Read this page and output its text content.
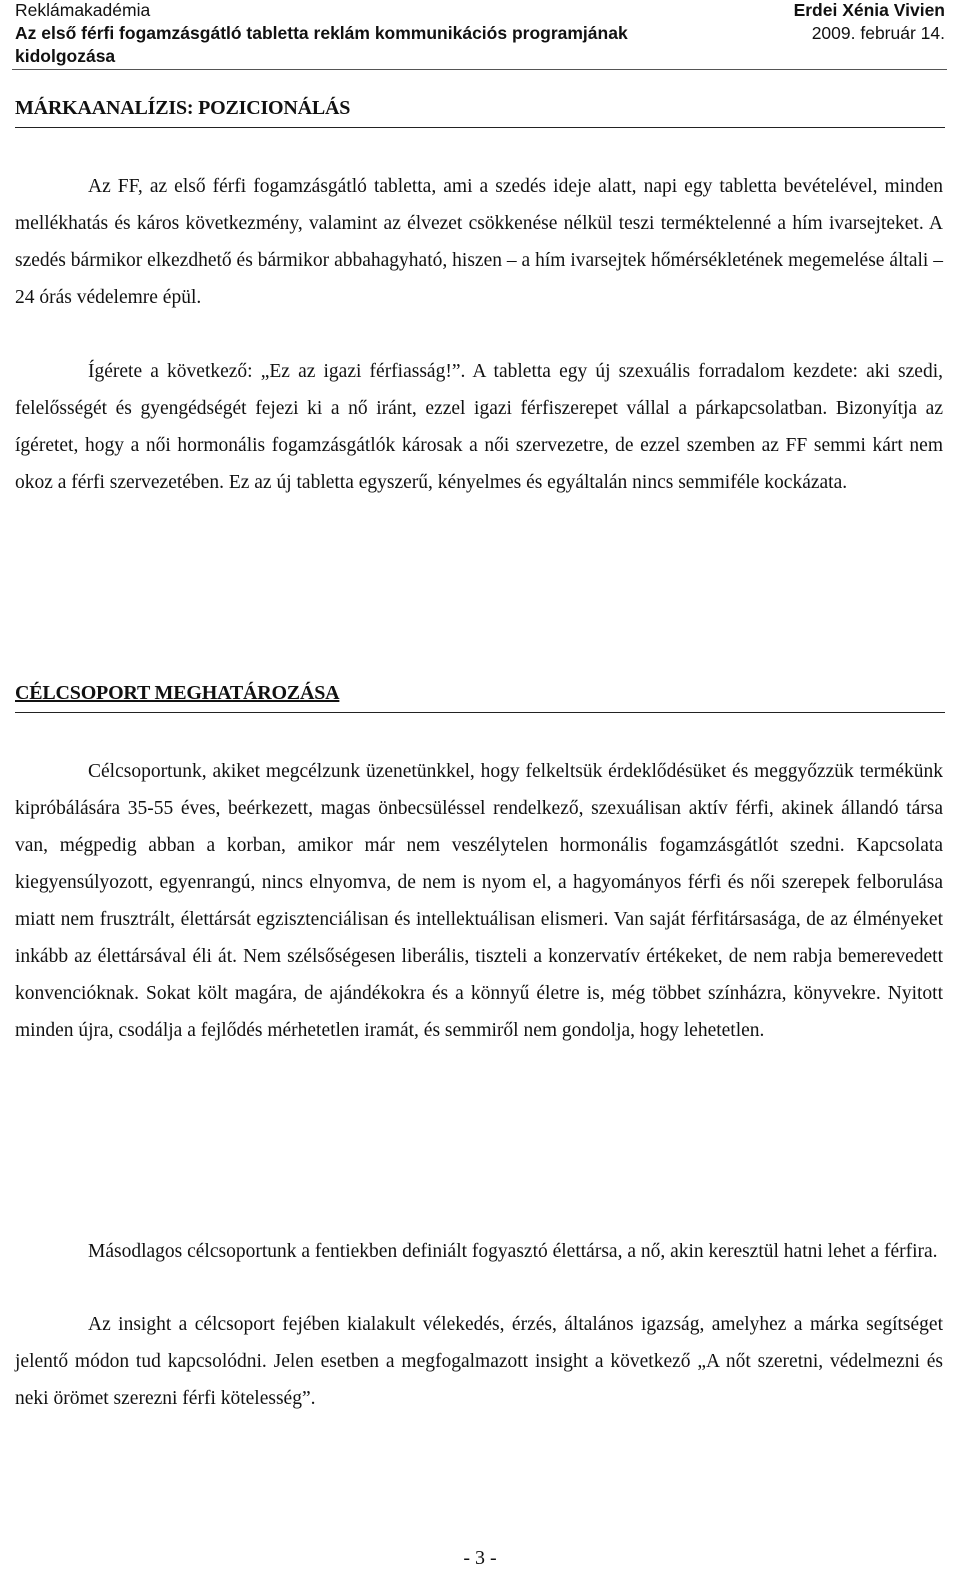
Reklámakadémia
Az első férfi fogamzásgátló tabletta reklám kommunikációs programjának
kidolgozása
Erdei Xénia Vivien
2009. február 14.
MÁRKAANALÍZIS: POZICIONÁLÁS

Az FF, az első férfi fogamzásgátló tabletta, ami a szedés ideje alatt, napi egy tabletta bevételével, minden mellékhatás és káros következmény, valamint az élvezet csökkenése nélkül teszi terméktelenné a hím ivarsejteket. A szedés bármikor elkezdhető és bármikor abbahagyható, hiszen – a hím ivarsejtek hőmérsékletének megemelése általi – 24 órás védelemre épül.

Ígérete a következő: „Ez az igazi férfiasság!”. A tabletta egy új szexuális forradalom kezdete: aki szedi, felelősségét és gyengédségét fejezi ki a nő iránt, ezzel igazi férfiszerepet vállal a párkapcsolatban. Bizonyítja az ígéretet, hogy a női hormonális fogamzásgátlók károsak a női szervezetre, de ezzel szemben az FF semmi kárt nem okoz a férfi szervezetében. Ez az új tabletta egyszerű, kényelmes és egyáltalán nincs semmiféle kockázata.

CÉLCSOPORT MEGHATÁROZÁSA

Célcsoportunk, akiket megcélzunk üzenetünkkel, hogy felkeltsük érdeklődésüket és meggyőzzük termékünk kipróbálására 35-55 éves, beérkezett, magas önbecsüléssel rendelkező, szexuálisan aktív férfi, akinek állandó társa van, mégpedig abban a korban, amikor már nem veszélytelen hormonális fogamzásgátlót szedni. Kapcsolata kiegyensúlyozott, egyenrangú, nincs elnyomva, de nem is nyom el, a hagyományos férfi és női szerepek felborulása miatt nem frusztrált, élettársát egzisztenciálisan és intellektuálisan elismeri. Van saját férfitársasága, de az élményeket inkább az élettársával éli át. Nem szélsőségesen liberális, tiszteli a konzervatív értékeket, de nem rabja bemerevedett konvencióknak. Sokat költ magára, de ajándékokra és a könnyű életre is, még többet színházra, könyvekre. Nyitott minden újra, csodálja a fejlődés mérhetetlen iramát, és semmiről nem gondolja, hogy lehetetlen.

Másodlagos célcsoportunk a fentiekben definiált fogyasztó élettársa, a nő, akin keresztül hatni lehet a férfira.

Az insight a célcsoport fejében kialakult vélekedés, érzés, általános igazság, amelyhez a márka segítséget jelentő módon tud kapcsolódni. Jelen esetben a megfogalmazott insight a következő „A nőt szeretni, védelmezni és neki örömet szerezni férfi kötelesség”.

- 3 -
